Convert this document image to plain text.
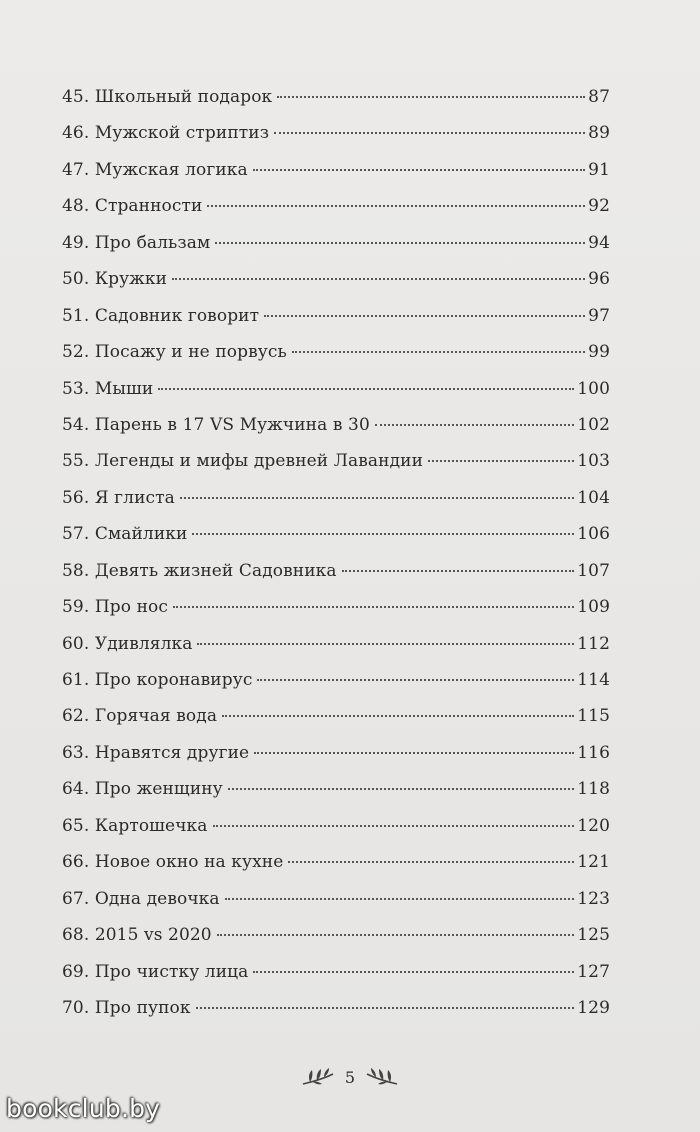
45. Школьный подарок	87
46. Мужской стриптиз	89
47. Мужская логика	91
48. Странности	92
49. Про бальзам	94
50. Кружки	96
51. Садовник говорит	97
52. Посажу и не порвусь	99
53. Мыши	100
54. Парень в 17 VS Мужчина в 30	102
55. Легенды и мифы древней Лавандии	103
56. Я глиста	104
57. Смайлики	106
58. Девять жизней Садовника	107
59. Про нос	109
60. Удивлялка	112
61. Про коронавирус	114
62. Горячая вода	115
63. Нравятся другие	116
64. Про женщину	118
65. Картошечка	120
66. Новое окно на кухне	121
67. Одна девочка	123
68. 2015 vs 2020	125
69. Про чистку лица	127
70. Про пупок	129
5
bookclub.by
